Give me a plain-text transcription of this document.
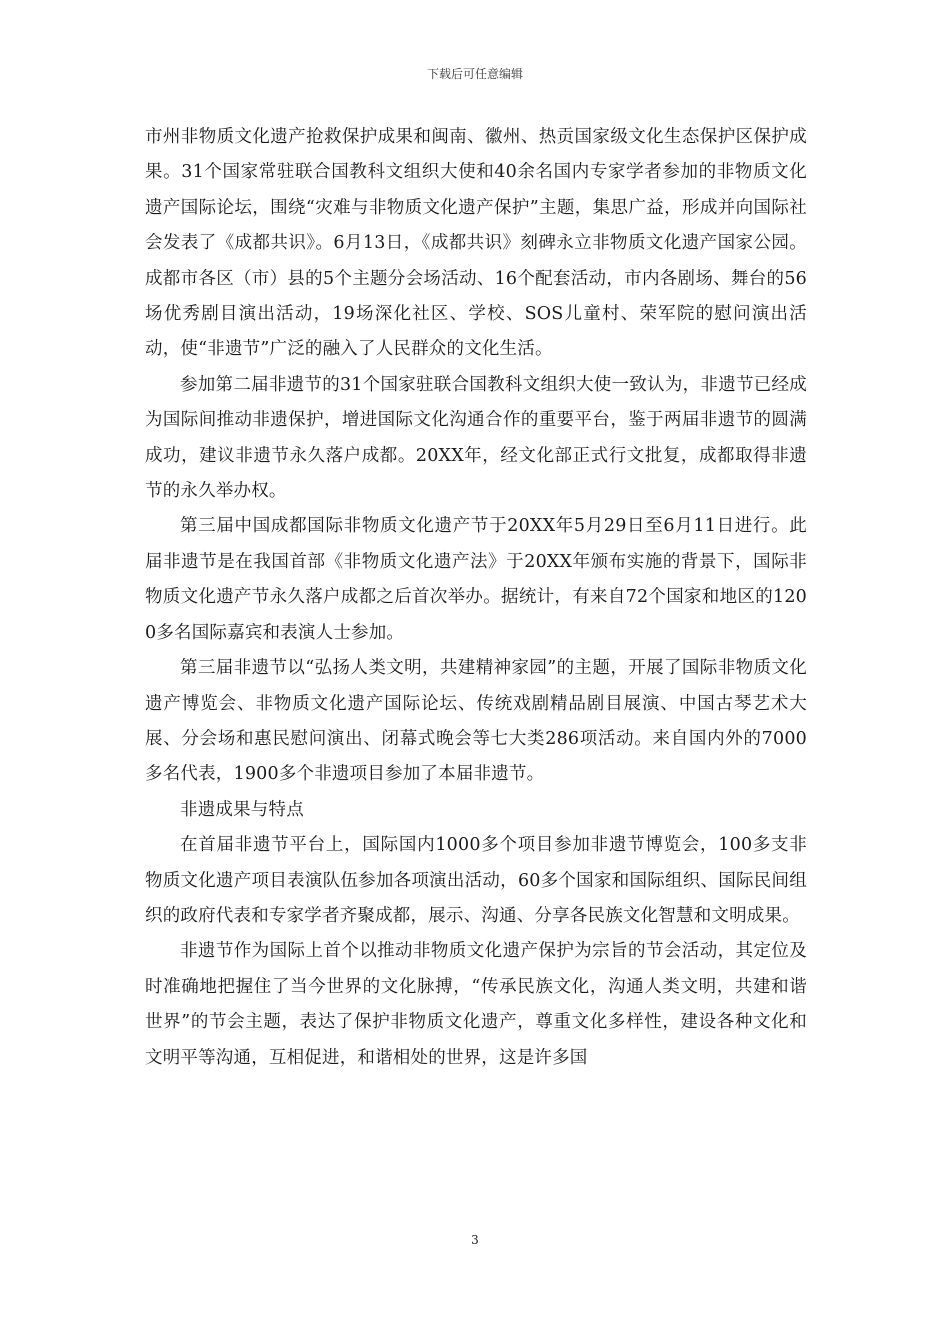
下载后可任意编辑

市州非物质文化遗产抢救保护成果和闽南、徽州、热贡国家级文化生态保护区保护成果。31个国家常驻联合国教科文组织大使和40余名国内专家学者参加的非物质文化遗产国际论坛，围绕“灾难与非物质文化遗产保护”主题，集思广益，形成并向国际社会发表了《成都共识》。6月13日，《成都共识》刻碑永立非物质文化遗产国家公园。成都市各区（市）县的5个主题分会场活动、16个配套活动，市内各剧场、舞台的56场优秀剧目演出活动，19场深化社区、学校、SOS儿童村、荣军院的慰问演出活动，使“非遗节”广泛的融入了人民群众的文化生活。

参加第二届非遗节的31个国家驻联合国教科文组织大使一致认为，非遗节已经成为国际间推动非遗保护，增进国际文化沟通合作的重要平台，鉴于两届非遗节的圆满成功，建议非遗节永久落户成都。20XX年，经文化部正式行文批复，成都取得非遗节的永久举办权。

第三届中国成都国际非物质文化遗产节于20XX年5月29日至6月11日进行。此届非遗节是在我国首部《非物质文化遗产法》于20XX年颁布实施的背景下，国际非物质文化遗产节永久落户成都之后首次举办。据统计，有来自72个国家和地区的1200多名国际嘉宾和表演人士参加。

第三届非遗节以“弘扬人类文明，共建精神家园”的主题，开展了国际非物质文化遗产博览会、非物质文化遗产国际论坛、传统戏剧精品剧目展演、中国古琴艺术大展、分会场和惠民慰问演出、闭幕式晚会等七大类286项活动。来自国内外的7000多名代表，1900多个非遗项目参加了本届非遗节。

非遗成果与特点

在首届非遗节平台上，国际国内1000多个项目参加非遗节博览会，100多支非物质文化遗产项目表演队伍参加各项演出活动，60多个国家和国际组织、国际民间组织的政府代表和专家学者齐聚成都，展示、沟通、分享各民族文化智慧和文明成果。

非遗节作为国际上首个以推动非物质文化遗产保护为宗旨的节会活动，其定位及时准确地把握住了当今世界的文化脉搏，“传承民族文化，沟通人类文明，共建和谐世界”的节会主题，表达了保护非物质文化遗产，尊重文化多样性，建设各种文化和文明平等沟通，互相促进，和谐相处的世界，这是许多国

3
